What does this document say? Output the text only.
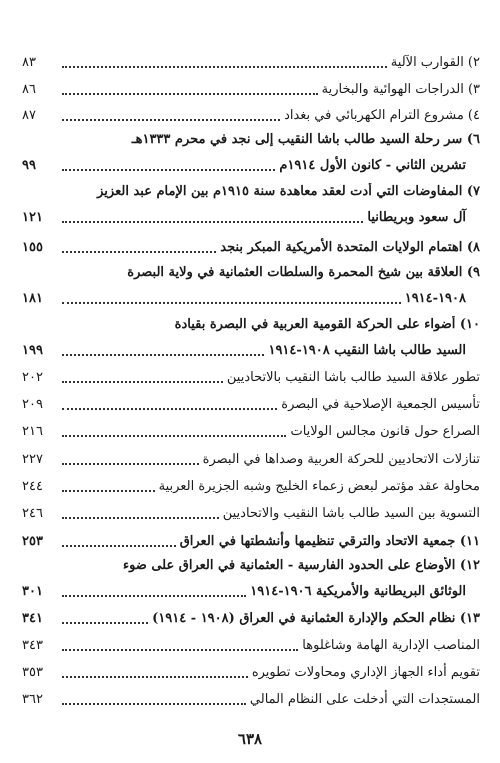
٢) القوارب الآلية
٨٣
٣) الدراجات الهوائية والبخارية
٨٦
٤) مشروع الترام الكهربائي في بغداد
٨٧
٦) سر رحلة السيد طالب باشا النقيب إلى نجد في محرم ١٣٣٣هـ
تشرين الثاني - كانون الأول ١٩١٤م
٩٩
٧) المفاوضات التي أدت لعقد معاهدة سنة ١٩١٥م بين الإمام عبد العزيز
آل سعود وبريطانيا
١٢١
٨) اهتمام الولايات المتحدة الأمريكية المبكر بنجد
١٥٥
٩) العلاقة بين شيخ المحمرة والسلطات العثمانية في ولاية البصرة
١٩٠٨-١٩١٤
١٨١
١٠) أضواء على الحركة القومية العربية في البصرة بقيادة
السيد طالب باشا النقيب ١٩٠٨-١٩١٤
١٩٩
تطور علاقة السيد طالب باشا النقيب بالاتحاديين
٢٠٢
تأسيس الجمعية الإصلاحية في البصرة
٢٠٩
الصراع حول قانون مجالس الولايات
٢١٦
تنازلات الاتحاديين للحركة العربية وصداها في البصرة
٢٢٧
محاولة عقد مؤتمر لبعض زعماء الخليج وشبه الجزيرة العربية
٢٤٤
التسوية بين السيد طالب باشا النقيب والاتحاديين
٢٤٦
١١) جمعية الاتحاد والترقي تنظيمها وأنشطتها في العراق
٢٥٣
١٢) الأوضاع على الحدود الفارسية - العثمانية في العراق على ضوء
الوثائق البريطانية والأمريكية ١٩٠٦-١٩١٤
٣٠١
١٣) نظام الحكم والإدارة العثمانية في العراق (١٩٠٨ - ١٩١٤)
٣٤١
المناصب الإدارية الهامة وشاغلوها
٣٤٣
تقويم أداء الجهاز الإداري ومحاولات تطويره
٣٥٣
المستجدات التي أدخلت على النظام المالي
٣٦٢
٦٣٨
